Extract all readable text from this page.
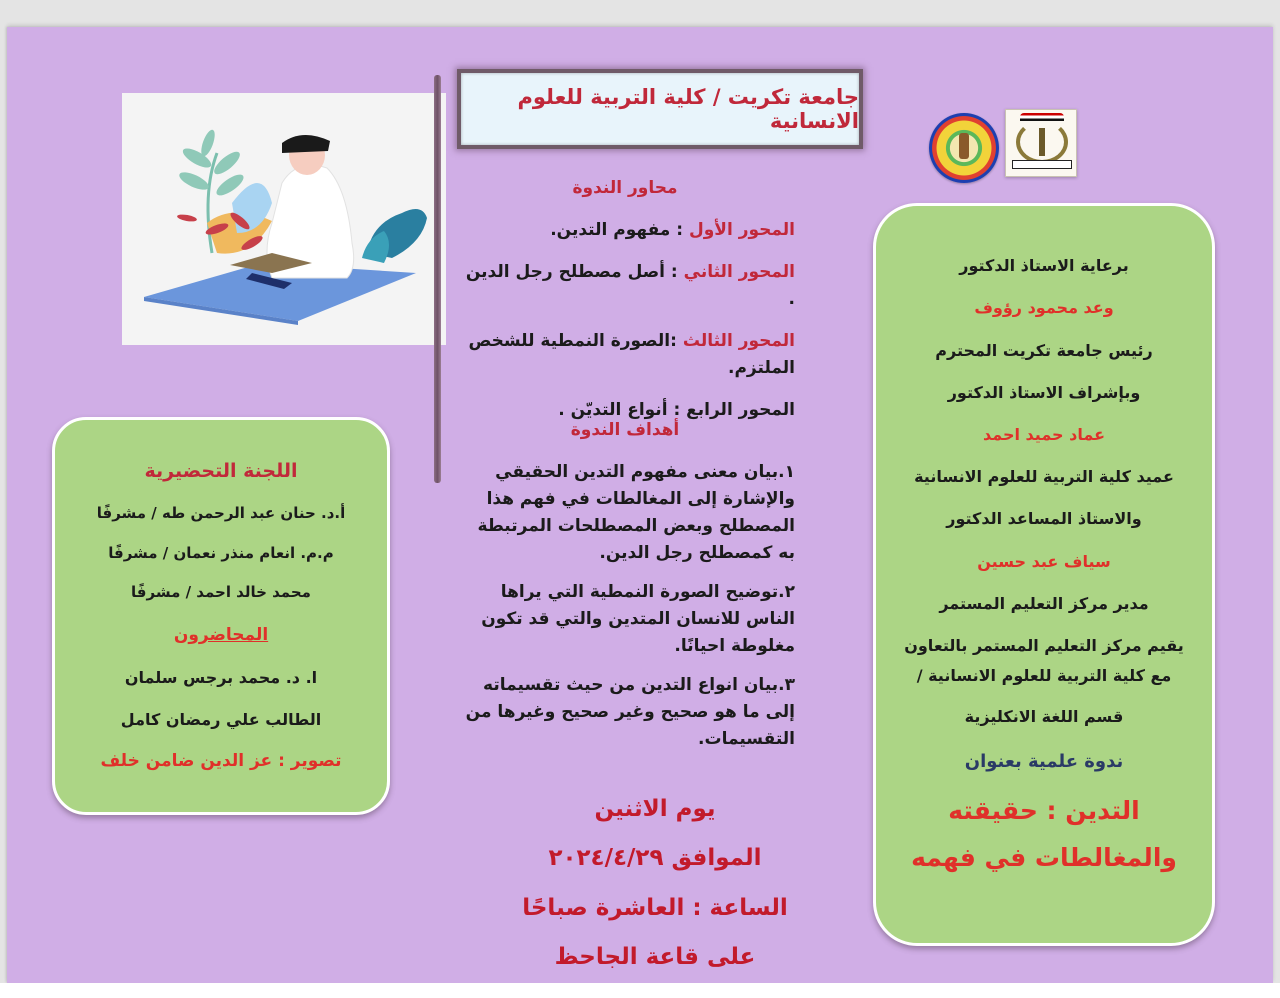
جامعة تكريت / كلية التربية للعلوم الانسانية
محاور الندوة
المحور الأول : مفهوم التدين.
المحور الثاني : أصل مصطلح رجل الدين .
المحور الثالث :الصورة النمطية للشخص الملتزم.
المحور الرابع : أنواع التديّن .
أهداف الندوة
١.بيان معنى مفهوم التدين الحقيقي والإشارة إلى المغالطات في فهم هذا المصطلح وبعض المصطلحات المرتبطة به كمصطلح رجل الدين.
٢.توضيح الصورة النمطية التي يراها الناس للانسان المتدين والتي قد تكون مغلوطة احيانًا.
٣.بيان انواع التدين من حيث تقسيماته إلى ما هو صحيح وغير صحيح وغيرها من التقسيمات.
يوم الاثنين
الموافق ٢٠٢٤/٤/٢٩
الساعة : العاشرة صباحًا
على قاعة الجاحظ
اللجنة التحضيرية
أ.د. حنان عبد الرحمن طه / مشرفًا
م.م. انعام منذر نعمان / مشرفًا
محمد خالد احمد / مشرفًا
المحاضرون
ا. د. محمد برجس سلمان
الطالب علي رمضان كامل
تصوير : عز الدين ضامن خلف
برعاية الاستاذ الدكتور
وعد محمود رؤوف
رئيس جامعة تكريت المحترم
وبإشراف الاستاذ الدكتور
عماد حميد احمد
عميد كلية التربية للعلوم الانسانية
والاستاذ المساعد الدكتور
سياف عبد حسين
مدير مركز التعليم المستمر
يقيم مركز التعليم المستمر بالتعاون
مع كلية التربية للعلوم الانسانية /
قسم اللغة الانكليزية
ندوة علمية بعنوان
التدين : حقيقته
والمغالطات في فهمه
